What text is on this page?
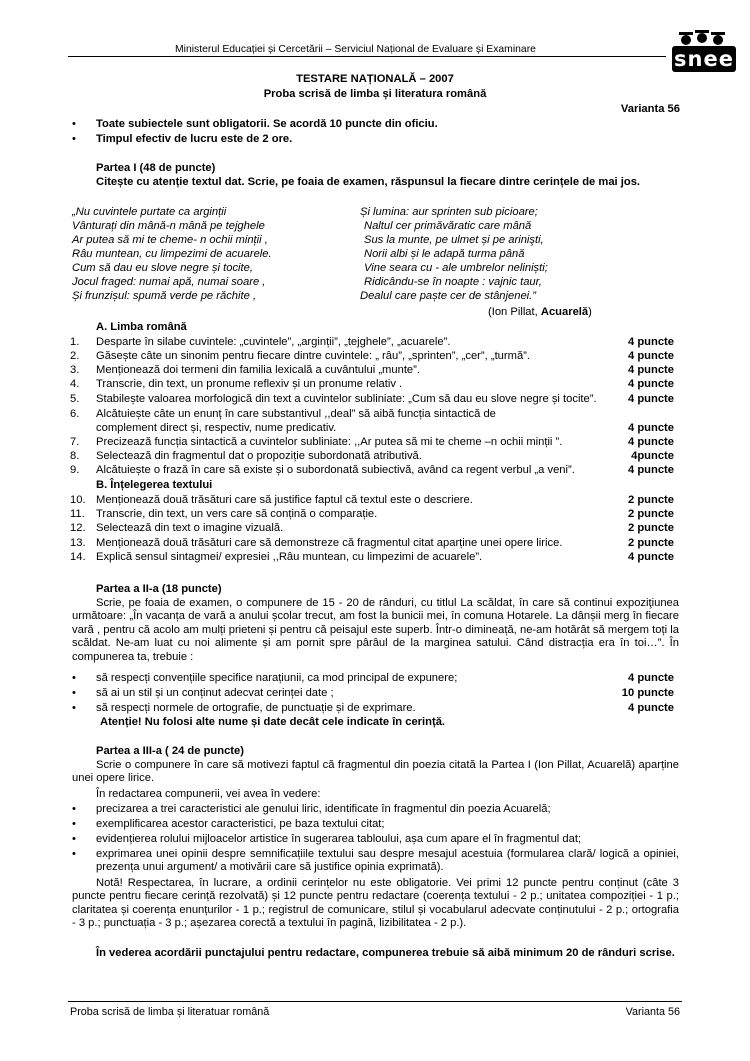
Ministerul Educației și Cercetării – Serviciul Național de Evaluare și Examinare	snee
TESTARE NAȚIONALĂ – 2007
Proba scrisă de limba și literatura română
Varianta 56
• Toate subiectele sunt obligatorii. Se acordă 10 puncte din oficiu.
• Timpul efectiv de lucru este de 2 ore.
Partea I (48 de puncte)
Citește cu atenție textul dat. Scrie, pe foaia de examen, răspunsul la fiecare dintre cerințele de mai jos.
„Nu cuvintele purtate ca arginții
Vânturați din mână-n mână pe tejghele
Ar putea să mi te cheme- n ochii minții ,
Râu muntean, cu limpezimi de acuarele.
Cum să dau eu slove negre și tocite,
Jocul fraged: numai apă, numai soare ,
Și frunzișul: spumă verde pe răchite ,
Și lumina: aur sprinten sub picioare;
Naltul cer primăvăratic care mână
Sus la munte, pe ulmet și pe arinişti,
Norii albi și le adapă turma până
Vine seara cu - ale umbrelor neliniști;
Ridicându-se în noapte : vajnic taur,
Dealul care paște cer de stânjenei.”
(Ion Pillat, Acuarelă)
A. Limba română
1.	Desparte în silabe cuvintele: „cuvintele”, „arginții”, „tejghele”, „acuarele”.	4 puncte
2.	Găsește câte un sinonim pentru fiecare dintre cuvintele: „ râu”, „sprinten”, „cer”, „turmă”.	4 puncte
3.	Menționează doi termeni din familia lexicală a cuvântului „munte”.	4 puncte
4.	Transcrie, din text, un pronume reflexiv și un pronume relativ .	4 puncte
5.	Stabilește valoarea morfologică din text a cuvintelor subliniate: „Cum să dau eu slove negre și tocite”.	4 puncte
6.	Alcătuiește câte un enunț în care substantivul ,,deal” să aibă funcția sintactică de
complement direct și, respectiv, nume predicativ.	4 puncte
7.	Precizează funcția sintactică a cuvintelor subliniate: ,,Ar putea să mi te cheme –n ochii minții ”.	4 puncte
8.	Selectează din fragmentul dat o propoziție subordonată atributivă.	4puncte
9.	Alcătuiește o frază în care să existe și o subordonată subiectivă, având ca regent verbul „a veni”.	4 puncte
10. Menționează două trăsături care să justifice faptul că textul este o descriere.	2 puncte
11.	Transcrie, din text, un vers care să conțină o comparație.	2 puncte
12. Selectează din text o imagine vizuală.	2 puncte
13. Menționează două trăsături care să demonstreze că fragmentul citat aparține unei opere lirice.	2 puncte
14. Explică sensul sintagmei/ expresiei ,,Râu muntean, cu limpezimi de acuarele”.	4 puncte
B. Înțelegerea textului
Partea a II-a (18 puncte)
Scrie, pe foaia de examen, o compunere de 15 - 20 de rânduri, cu titlul La scăldat, în care să continui expoziţiunea următoare: „În vacanța de vară a anului școlar trecut, am fost la bunicii mei, în comuna Hotarele. La dânșii merg în fiecare vară , pentru că acolo am mulți prieteni și pentru că peisajul este superb. Într-o dimineață, ne-am hotărât să mergem toți la scăldat. Ne-am luat cu noi alimente și am pornit spre pârâul de la marginea satului. Când distracția era în toi…”. În compunerea ta, trebuie :
• să respecți convențiile specifice narațiunii, ca mod principal de expunere;	4 puncte
• să ai un stil și un conținut adecvat cerinței date ;	10 puncte
• să respecți normele de ortografie, de punctuație și de exprimare.	4 puncte
Atenție! Nu folosi alte nume și date decât cele indicate în cerință.
Partea a III-a ( 24 de puncte)
Scrie o compunere în care să motivezi faptul că fragmentul din poezia citată la Partea I (Ion Pillat, Acuarelă) aparține unei opere lirice.
În redactarea compunerii, vei avea în vedere:
• precizarea a trei caracteristici ale genului liric, identificate în fragmentul din poezia Acuarelă;
• exemplificarea acestor caracteristici, pe baza textului citat;
• evidențierea rolului mijloacelor artistice în sugerarea tabloului, așa cum apare el în fragmentul dat;
• exprimarea unei opinii despre semnificațiile textului sau despre mesajul acestuia (formularea clară/ logică a opiniei, prezența unui argument/ a motivării care să justifice opinia exprimată).
Notă! Respectarea, în lucrare, a ordinii cerințelor nu este obligatorie. Vei primi 12 puncte pentru conținut (câte 3 puncte pentru fiecare cerință rezolvată) și 12 puncte pentru redactare (coerența textului - 2 p.; unitatea compoziției - 1 p.; claritatea și coerența enunțurilor - 1 p.; registrul de comunicare, stilul și vocabularul adecvate conținutului - 2 p.; ortografia - 3 p.; punctuația - 3 p.; așezarea corectă a textului în pagină, lizibilitatea - 2 p.).
În vederea acordării punctajului pentru redactare, compunerea trebuie să aibă minimum 20 de rânduri scrise.
Proba scrisă de limba și literatuar română	Varianta 56
